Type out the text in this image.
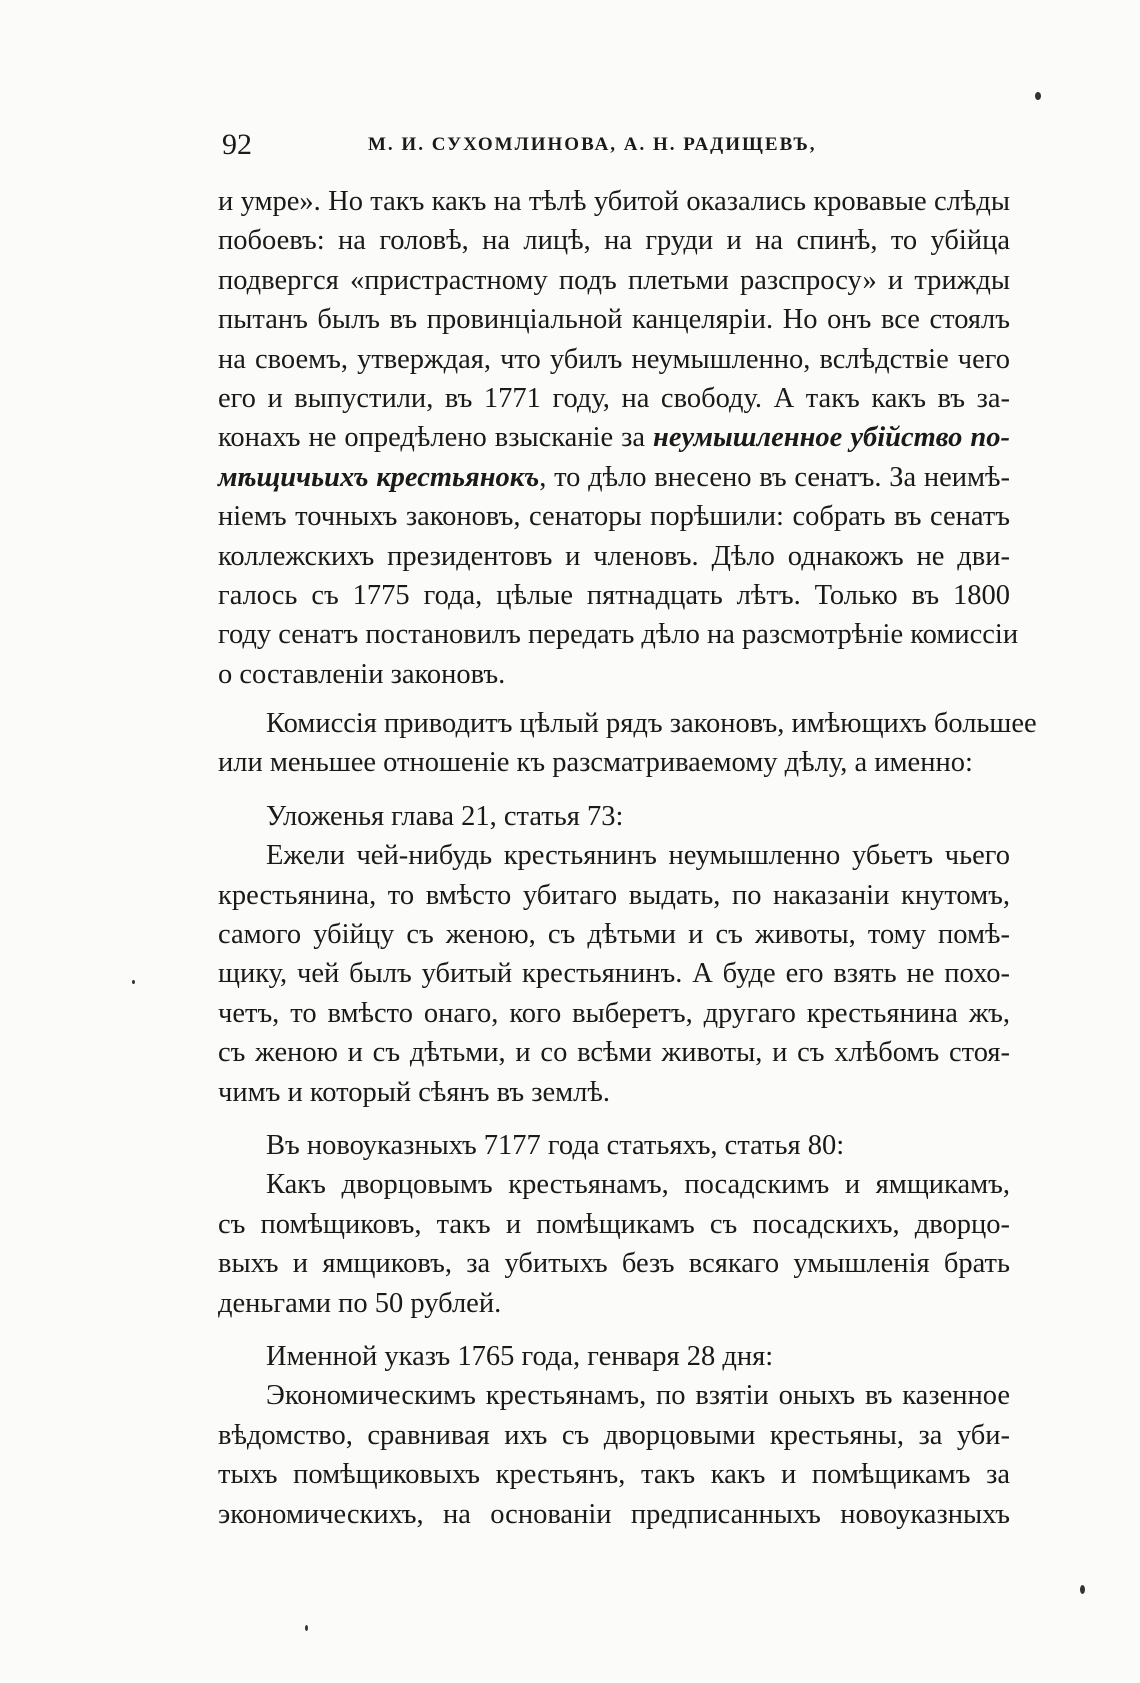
92	М. И. СУХОМЛИНОВА, А. Н. РАДИЩЕВЪ,
и умре». Но такъ какъ на тѣлѣ убитой оказались кровавые слѣды
побоевъ: на головѣ, на лицѣ, на груди и на спинѣ, то убійца
подвергся «пристрастному подъ плетьми разспросу» и трижды
пытанъ былъ въ провинціальной канцеляріи. Но онъ все стоялъ
на своемъ, утверждая, что убилъ неумышленно, вслѣдствіе чего
его и выпустили, въ 1771 году, на свободу. А такъ какъ въ за-
конахъ не опредѣлено взысканіе за неумышленное убійство по-
мѣщичьихъ крестьянокъ, то дѣло внесено въ сенатъ. За неимѣ-
ніемъ точныхъ законовъ, сенаторы порѣшили: собрать въ сенатъ
коллежскихъ президентовъ и членовъ. Дѣло однакожъ не дви-
галось съ 1775 года, цѣлые пятнадцать лѣтъ. Только въ 1800
году сенатъ постановилъ передать дѣло на разсмотрѣніе комиссіи
о составленіи законовъ.
Комиссія приводитъ цѣлый рядъ законовъ, имѣющихъ большее
или меньшее отношеніе къ разсматриваемому дѣлу, а именно:
Уложенья глава 21, статья 73:
Ежели чей-нибудь крестьянинъ неумышленно убьетъ чьего
крестьянина, то вмѣсто убитаго выдать, по наказаніи кнутомъ,
самого убійцу съ женою, съ дѣтьми и съ животы, тому помѣ-
щику, чей былъ убитый крестьянинъ. А буде его взять не похо-
четъ, то вмѣсто онаго, кого выберетъ, другаго крестьянина жъ,
съ женою и съ дѣтьми, и со всѣми животы, и съ хлѣбомъ стоя-
чимъ и который сѣянъ въ землѣ.
Въ новоуказныхъ 7177 года статьяхъ, статья 80:
Какъ дворцовымъ крестьянамъ, посадскимъ и ямщикамъ,
съ помѣщиковъ, такъ и помѣщикамъ съ посадскихъ, дворцо-
выхъ и ямщиковъ, за убитыхъ безъ всякаго умышленія брать
деньгами по 50 рублей.
Именной указъ 1765 года, генваря 28 дня:
Экономическимъ крестьянамъ, по взятіи оныхъ въ казенное
вѣдомство, сравнивая ихъ съ дворцовыми крестьяны, за уби-
тыхъ помѣщиковыхъ крестьянъ, такъ какъ и помѣщикамъ за
экономическихъ, на основаніи предписанныхъ новоуказныхъ
